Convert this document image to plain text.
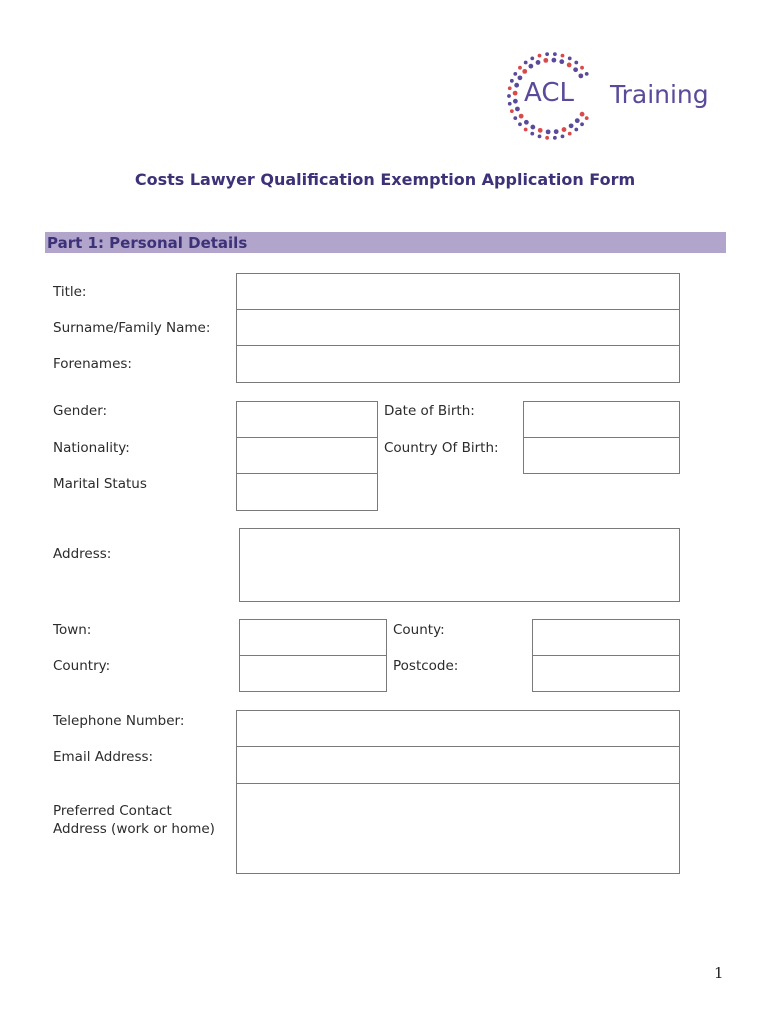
ACL Training
Costs Lawyer Qualification Exemption Application Form
Part 1: Personal Details
Title:
Surname/Family Name:
Forenames:
Gender:
Nationality:
Marital Status
Date of Birth:
Country Of Birth:
Address:
Town:
Country:
County:
Postcode:
Telephone Number:
Email Address:
Preferred Contact Address (work or home)
1
